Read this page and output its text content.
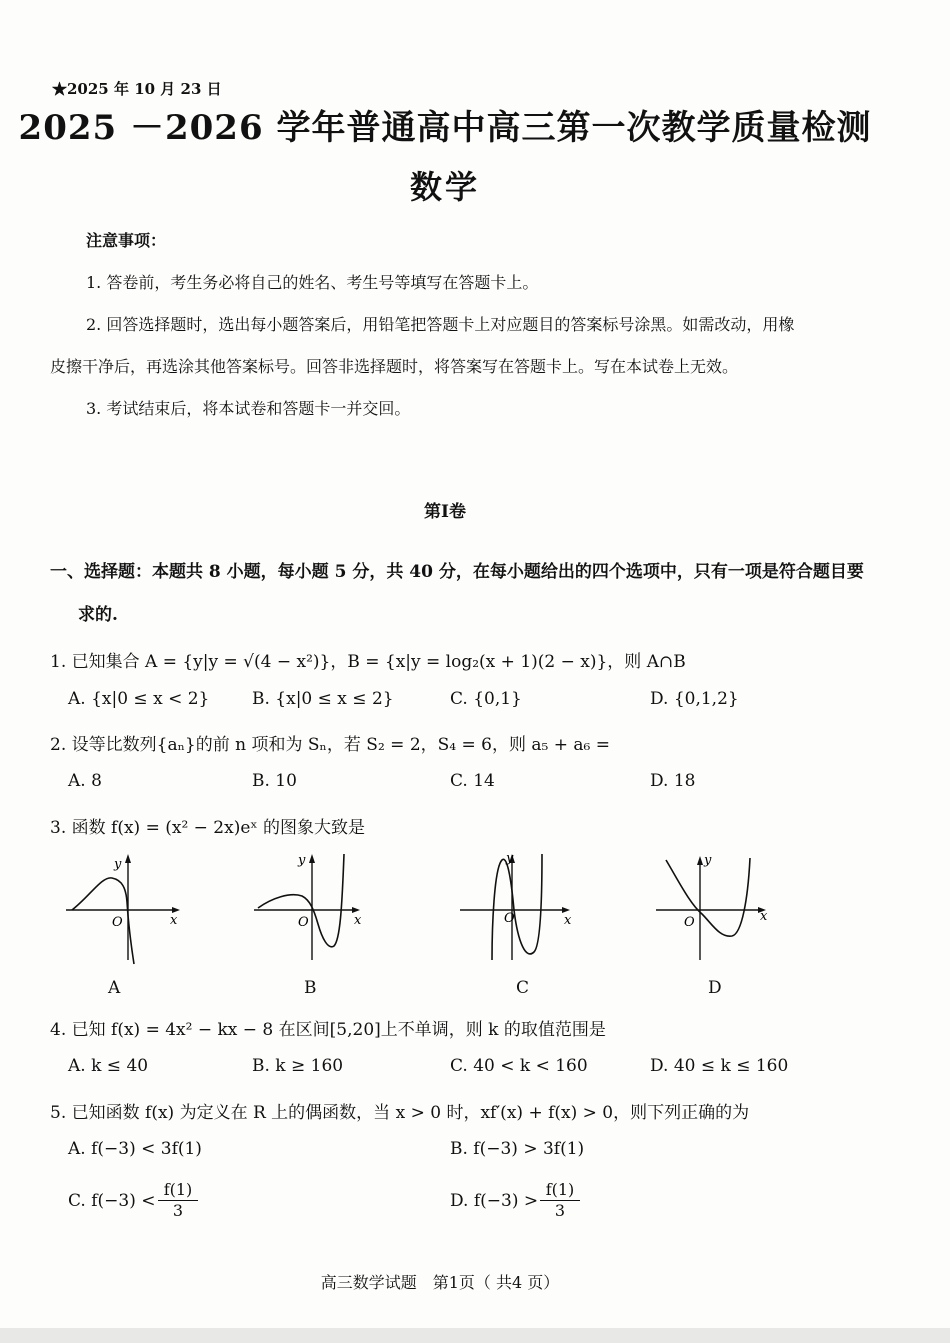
★2025 年 10 月 23 日
2025 －2026 学年普通高中高三第一次教学质量检测
数学
注意事项：
1. 答卷前，考生务必将自己的姓名、考生号等填写在答题卡上。
2. 回答选择题时，选出每小题答案后，用铅笔把答题卡上对应题目的答案标号涂黑。如需改动，用橡
皮擦干净后，再选涂其他答案标号。回答非选择题时，将答案写在答题卡上。写在本试卷上无效。
3. 考试结束后，将本试卷和答题卡一并交回。
第Ⅰ卷
一、选择题：本题共 8 小题，每小题 5 分，共 40 分，在每小题给出的四个选项中，只有一项是符合题目要
求的.
1. 已知集合 A = {y|y = √(4 − x²)}，B = {x|y = log₂(x + 1)(2 − x)}，则 A∩B
A. {x|0 ≤ x < 2}	B. {x|0 ≤ x ≤ 2}	C. {0,1}	D. {0,1,2}
2. 设等比数列{aₙ}的前 n 项和为 Sₙ，若 S₂ = 2，S₄ = 6，则 a₅ + a₆ =
A. 8	B. 10	C. 14	D. 18
3. 函数 f(x) = (x² − 2x)eˣ 的图象大致是
y
x
O
A
y
x
O
B
y
x
O
C
y
x
O
D
4. 已知 f(x) = 4x² − kx − 8 在区间[5,20]上不单调，则 k 的取值范围是
A. k ≤ 40	B. k ≥ 160	C. 40 < k < 160	D. 40 ≤ k ≤ 160
5. 已知函数 f(x) 为定义在 R 上的偶函数，当 x > 0 时，xf′(x) + f(x) > 0，则下列正确的为
A. f(−3) < 3f(1)	B. f(−3) > 3f(1)
C. $f(-3) < \frac{f(1)}{3}$	D. $f(-3) > \frac{f(1)}{3}$
高三数学试题　第1页（ 共4 页）
